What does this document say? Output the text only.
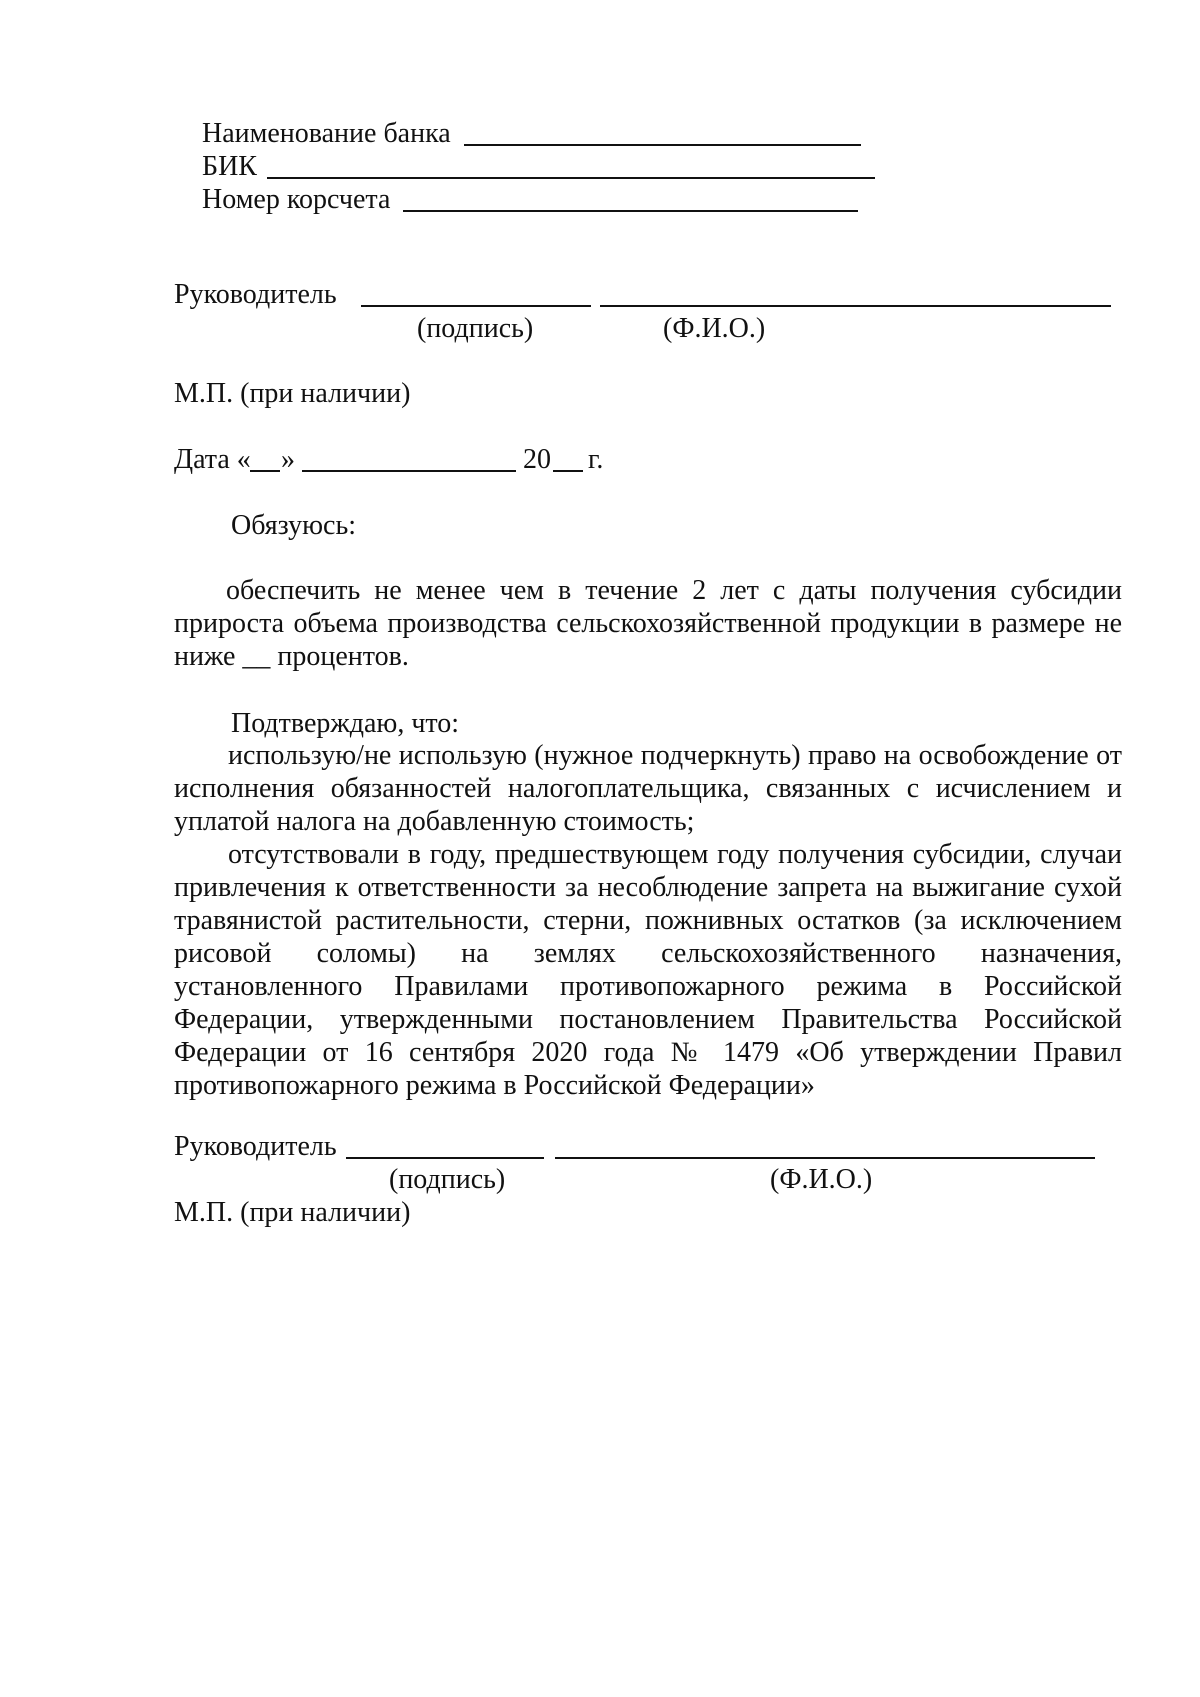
Наименование банка
БИК
Номер корсчета
Руководитель
(подпись)	(Ф.И.О.)
М.П. (при наличии)
Дата « »	20 г.
Обязуюсь:
обеспечить не менее чем в течение 2 лет с даты получения субсидии прироста объема производства сельскохозяйственной продукции в размере не ниже __ процентов.
Подтверждаю, что:
использую/не использую (нужное подчеркнуть) право на освобождение от исполнения обязанностей налогоплательщика, связанных с исчислением и уплатой налога на добавленную стоимость;
отсутствовали в году, предшествующем году получения субсидии, случаи привлечения к ответственности за несоблюдение запрета на выжигание сухой травянистой растительности, стерни, пожнивных остатков (за исключением рисовой соломы) на землях сельскохозяйственного назначения, установленного Правилами противопожарного режима в Российской Федерации, утвержденными постановлением Правительства Российской Федерации от 16 сентября 2020 года № 1479 «Об утверждении Правил противопожарного режима в Российской Федерации»
Руководитель
(подпись)	(Ф.И.О.)
М.П. (при наличии)
